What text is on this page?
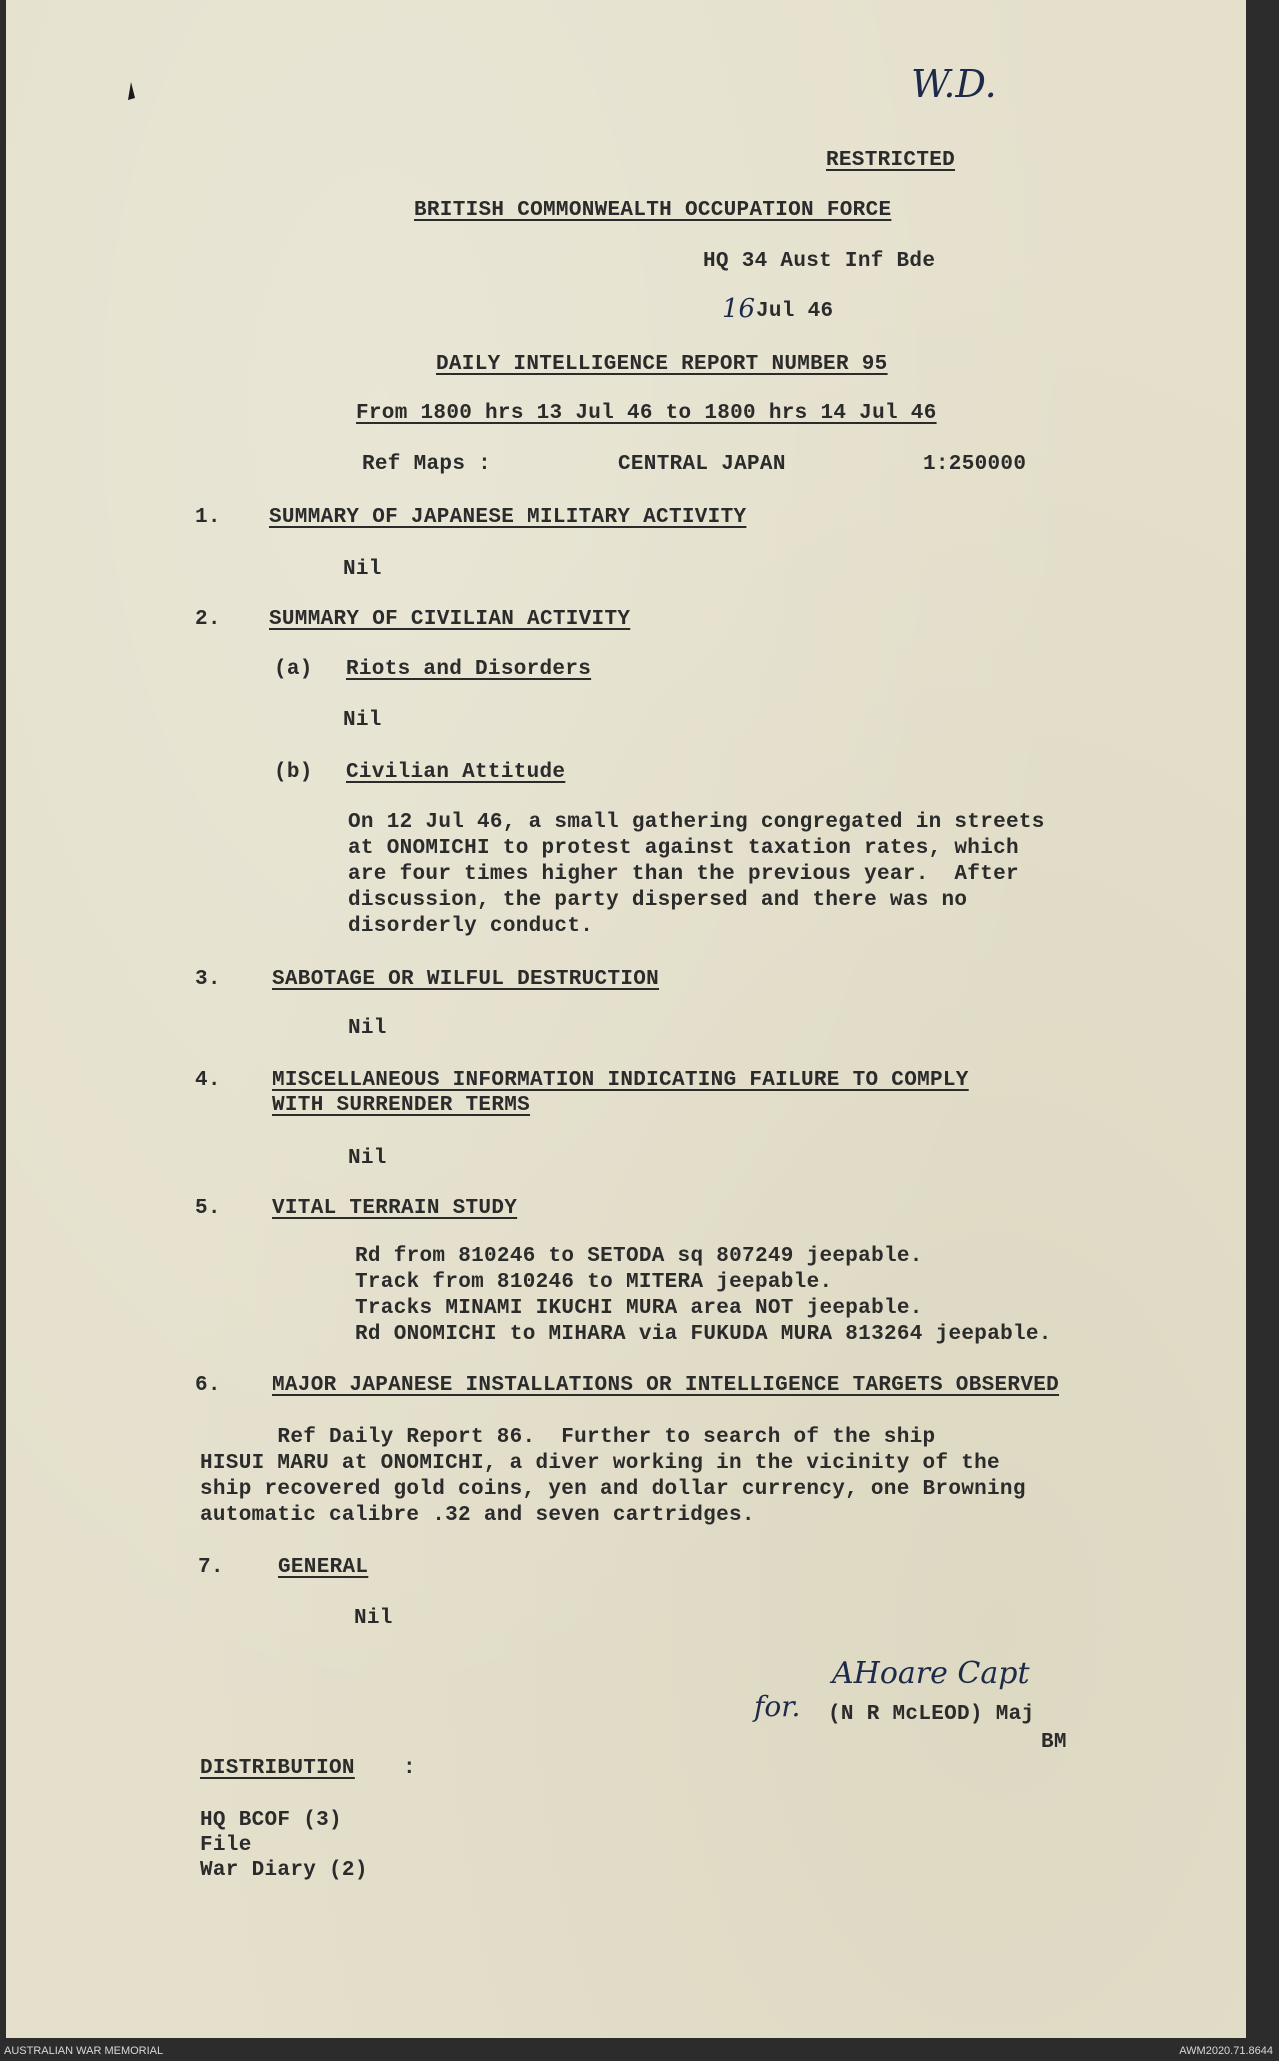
W.D.
RESTRICTED
BRITISH COMMONWEALTH OCCUPATION FORCE
HQ 34 Aust Inf Bde
16 Jul 46
DAILY INTELLIGENCE REPORT NUMBER 95
From 1800 hrs 13 Jul 46 to 1800 hrs 14 Jul 46
Ref Maps :	CENTRAL JAPAN	1:250000
1. SUMMARY OF JAPANESE MILITARY ACTIVITY
Nil
2. SUMMARY OF CIVILIAN ACTIVITY
(a) Riots and Disorders
Nil
(b) Civilian Attitude
On 12 Jul 46, a small gathering congregated in streets
at ONOMICHI to protest against taxation rates, which
are four times higher than the previous year.  After
discussion, the party dispersed and there was no
disorderly conduct.
3. SABOTAGE OR WILFUL DESTRUCTION
Nil
4. MISCELLANEOUS INFORMATION INDICATING FAILURE TO COMPLY
WITH SURRENDER TERMS
Nil
5. VITAL TERRAIN STUDY
Rd from 810246 to SETODA sq 807249 jeepable.
Track from 810246 to MITERA jeepable.
Tracks MINAMI IKUCHI MURA area NOT jeepable.
Rd ONOMICHI to MIHARA via FUKUDA MURA 813264 jeepable.
6. MAJOR JAPANESE INSTALLATIONS OR INTELLIGENCE TARGETS OBSERVED
Ref Daily Report 86.  Further to search of the ship
HISUI MARU at ONOMICHI, a diver working in the vicinity of the
ship recovered gold coins, yen and dollar currency, one Browning
automatic calibre .32 and seven cartridges.
7.	GENERAL
Nil
for.
AHoare Capt
(N R McLEOD) Maj
BM
DISTRIBUTION :
HQ BCOF (3)
File
War Diary (2)
AUSTRALIAN WAR MEMORIAL	AWM2020.71.8644
